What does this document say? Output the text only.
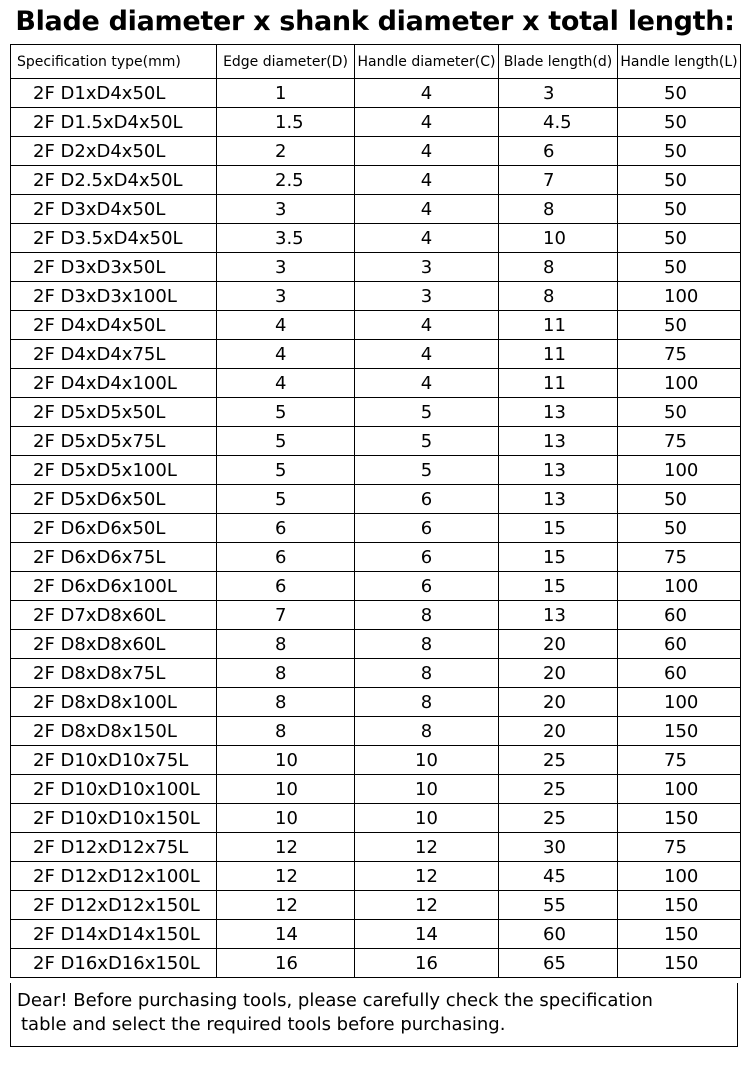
Blade diameter x shank diameter x total length:
Specification type(mm)	Edge diameter(D)	Handle diameter(C)	Blade length(d)	Handle length(L)
2F D1xD4x50L	1	4	3	50
2F D1.5xD4x50L	1.5	4	4.5	50
2F D2xD4x50L	2	4	6	50
2F D2.5xD4x50L	2.5	4	7	50
2F D3xD4x50L	3	4	8	50
2F D3.5xD4x50L	3.5	4	10	50
2F D3xD3x50L	3	3	8	50
2F D3xD3x100L	3	3	8	100
2F D4xD4x50L	4	4	11	50
2F D4xD4x75L	4	4	11	75
2F D4xD4x100L	4	4	11	100
2F D5xD5x50L	5	5	13	50
2F D5xD5x75L	5	5	13	75
2F D5xD5x100L	5	5	13	100
2F D5xD6x50L	5	6	13	50
2F D6xD6x50L	6	6	15	50
2F D6xD6x75L	6	6	15	75
2F D6xD6x100L	6	6	15	100
2F D7xD8x60L	7	8	13	60
2F D8xD8x60L	8	8	20	60
2F D8xD8x75L	8	8	20	60
2F D8xD8x100L	8	8	20	100
2F D8xD8x150L	8	8	20	150
2F D10xD10x75L	10	10	25	75
2F D10xD10x100L	10	10	25	100
2F D10xD10x150L	10	10	25	150
2F D12xD12x75L	12	12	30	75
2F D12xD12x100L	12	12	45	100
2F D12xD12x150L	12	12	55	150
2F D14xD14x150L	14	14	60	150
2F D16xD16x150L	16	16	65	150
Dear! Before purchasing tools, please carefully check the specification
table and select the required tools before purchasing.
